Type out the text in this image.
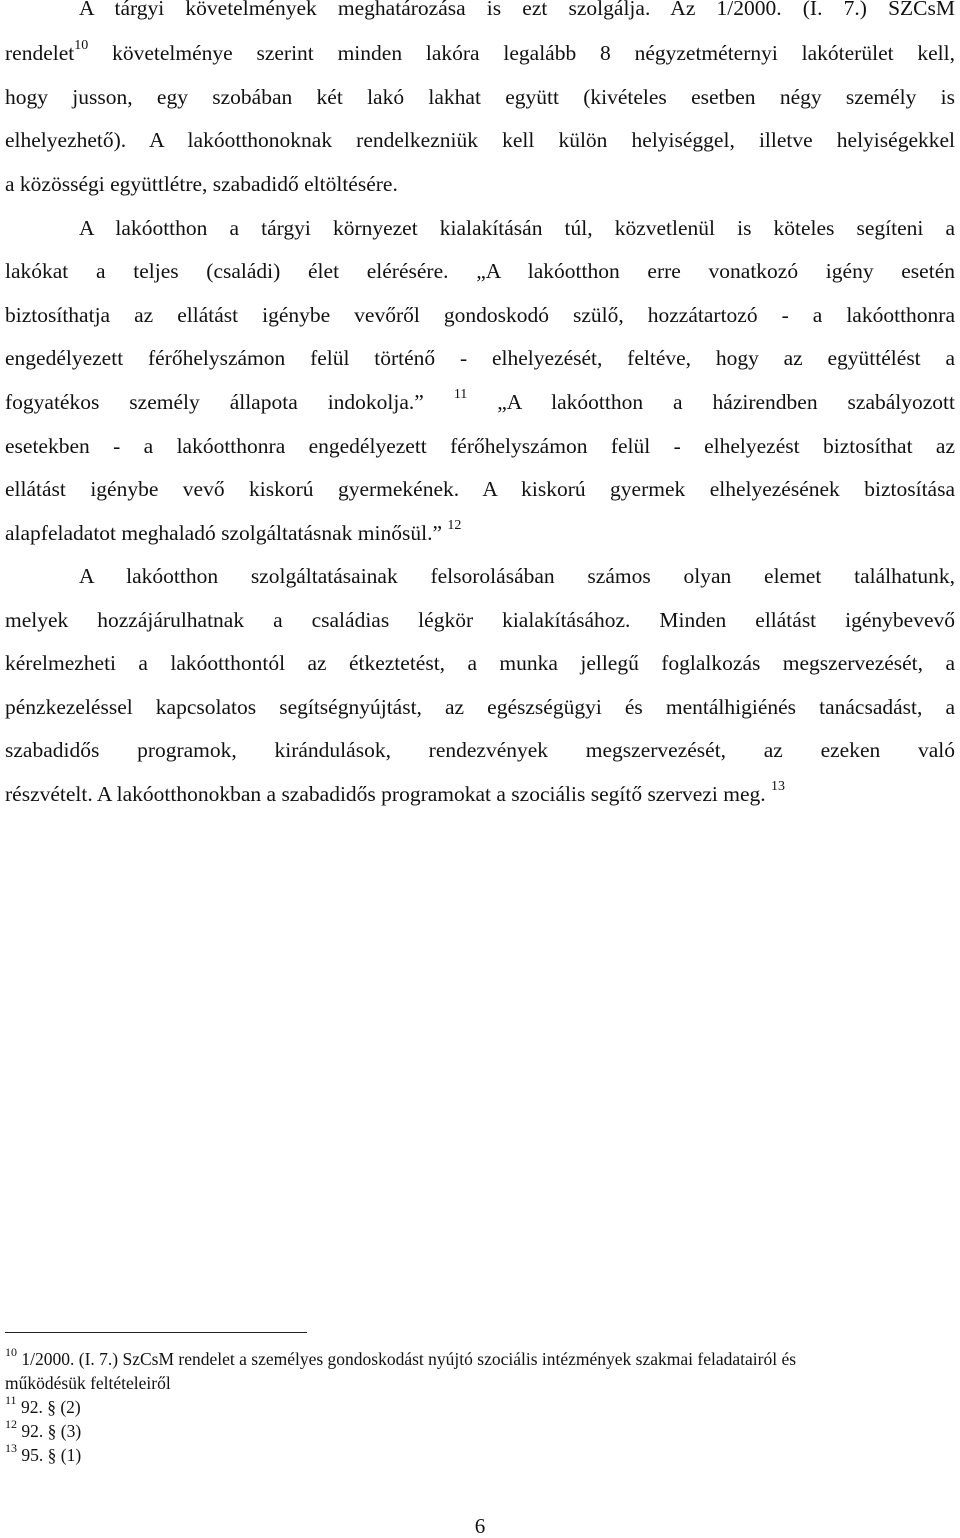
A tárgyi követelmények meghatározása is ezt szolgálja. Az 1/2000. (I. 7.) SZCsM
rendelet$^{10}$ követelménye szerint minden lakóra legalább 8 négyzetméternyi lakóterület kell,
hogy jusson, egy szobában két lakó lakhat együtt (kivételes esetben négy személy is
elhelyezhető). A lakóotthonoknak rendelkezniük kell külön helyiséggel, illetve helyiségekkel
a közösségi együttlétre, szabadidő eltöltésére.
A lakóotthon a tárgyi környezet kialakításán túl, közvetlenül is köteles segíteni a
lakókat a teljes (családi) élet elérésére. „A lakóotthon erre vonatkozó igény esetén
biztosíthatja az ellátást igénybe vevőről gondoskodó szülő, hozzátartozó - a lakóotthonra
engedélyezett férőhelyszámon felül történő - elhelyezését, feltéve, hogy az együttélést a
fogyatékos személy állapota indokolja.” $^{11}$ „A lakóotthon a házirendben szabályozott
esetekben - a lakóotthonra engedélyezett férőhelyszámon felül - elhelyezést biztosíthat az
ellátást igénybe vevő kiskorú gyermekének. A kiskorú gyermek elhelyezésének biztosítása
alapfeladatot meghaladó szolgáltatásnak minősül.” $^{12}$
A lakóotthon szolgáltatásainak felsorolásában számos olyan elemet találhatunk,
melyek hozzájárulhatnak a családias légkör kialakításához. Minden ellátást igénybevevő
kérelmezheti a lakóotthontól az étkeztetést, a munka jellegű foglalkozás megszervezését, a
pénzkezeléssel kapcsolatos segítségnyújtást, az egészségügyi és mentálhigiénés tanácsadást, a
szabadidős programok, kirándulások, rendezvények megszervezését, az ezeken való
részvételt. A lakóotthonokban a szabadidős programokat a szociális segítő szervezi meg. $^{13}$
$^{10}$ 1/2000. (I. 7.) SzCsM rendelet a személyes gondoskodást nyújtó szociális intézmények szakmai feladatairól és
működésük feltételeiről
$^{11}$ 92. § (2)
$^{12}$ 92. § (3)
$^{13}$ 95. § (1)
6
